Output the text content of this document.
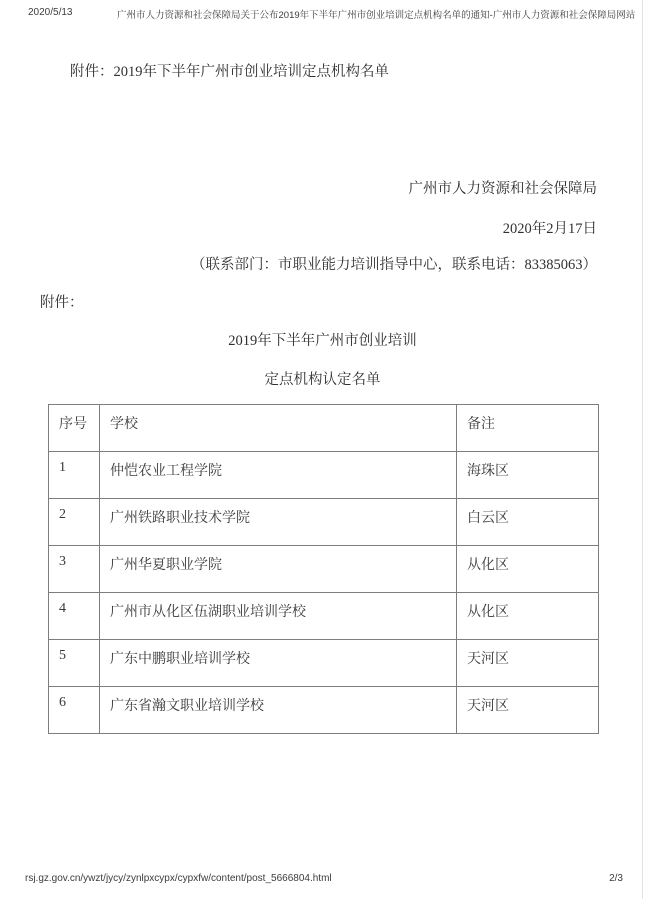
2020/5/13	广州市人力资源和社会保障局关于公布2019年下半年广州市创业培训定点机构名单的通知-广州市人力资源和社会保障局网站
附件：2019年下半年广州市创业培训定点机构名单
广州市人力资源和社会保障局
2020年2月17日
（联系部门：市职业能力培训指导中心，联系电话：83385063）
附件：
2019年下半年广州市创业培训
定点机构认定名单
序号	学校	备注
1	仲恺农业工程学院	海珠区
2	广州铁路职业技术学院	白云区
3	广州华夏职业学院	从化区
4	广州市从化区伍湖职业培训学校	从化区
5	广东中鹏职业培训学校	天河区
6	广东省瀚文职业培训学校	天河区
rsj.gz.gov.cn/ywzt/jycy/zynlpxcypx/cypxfw/content/post_5666804.html	2/3
